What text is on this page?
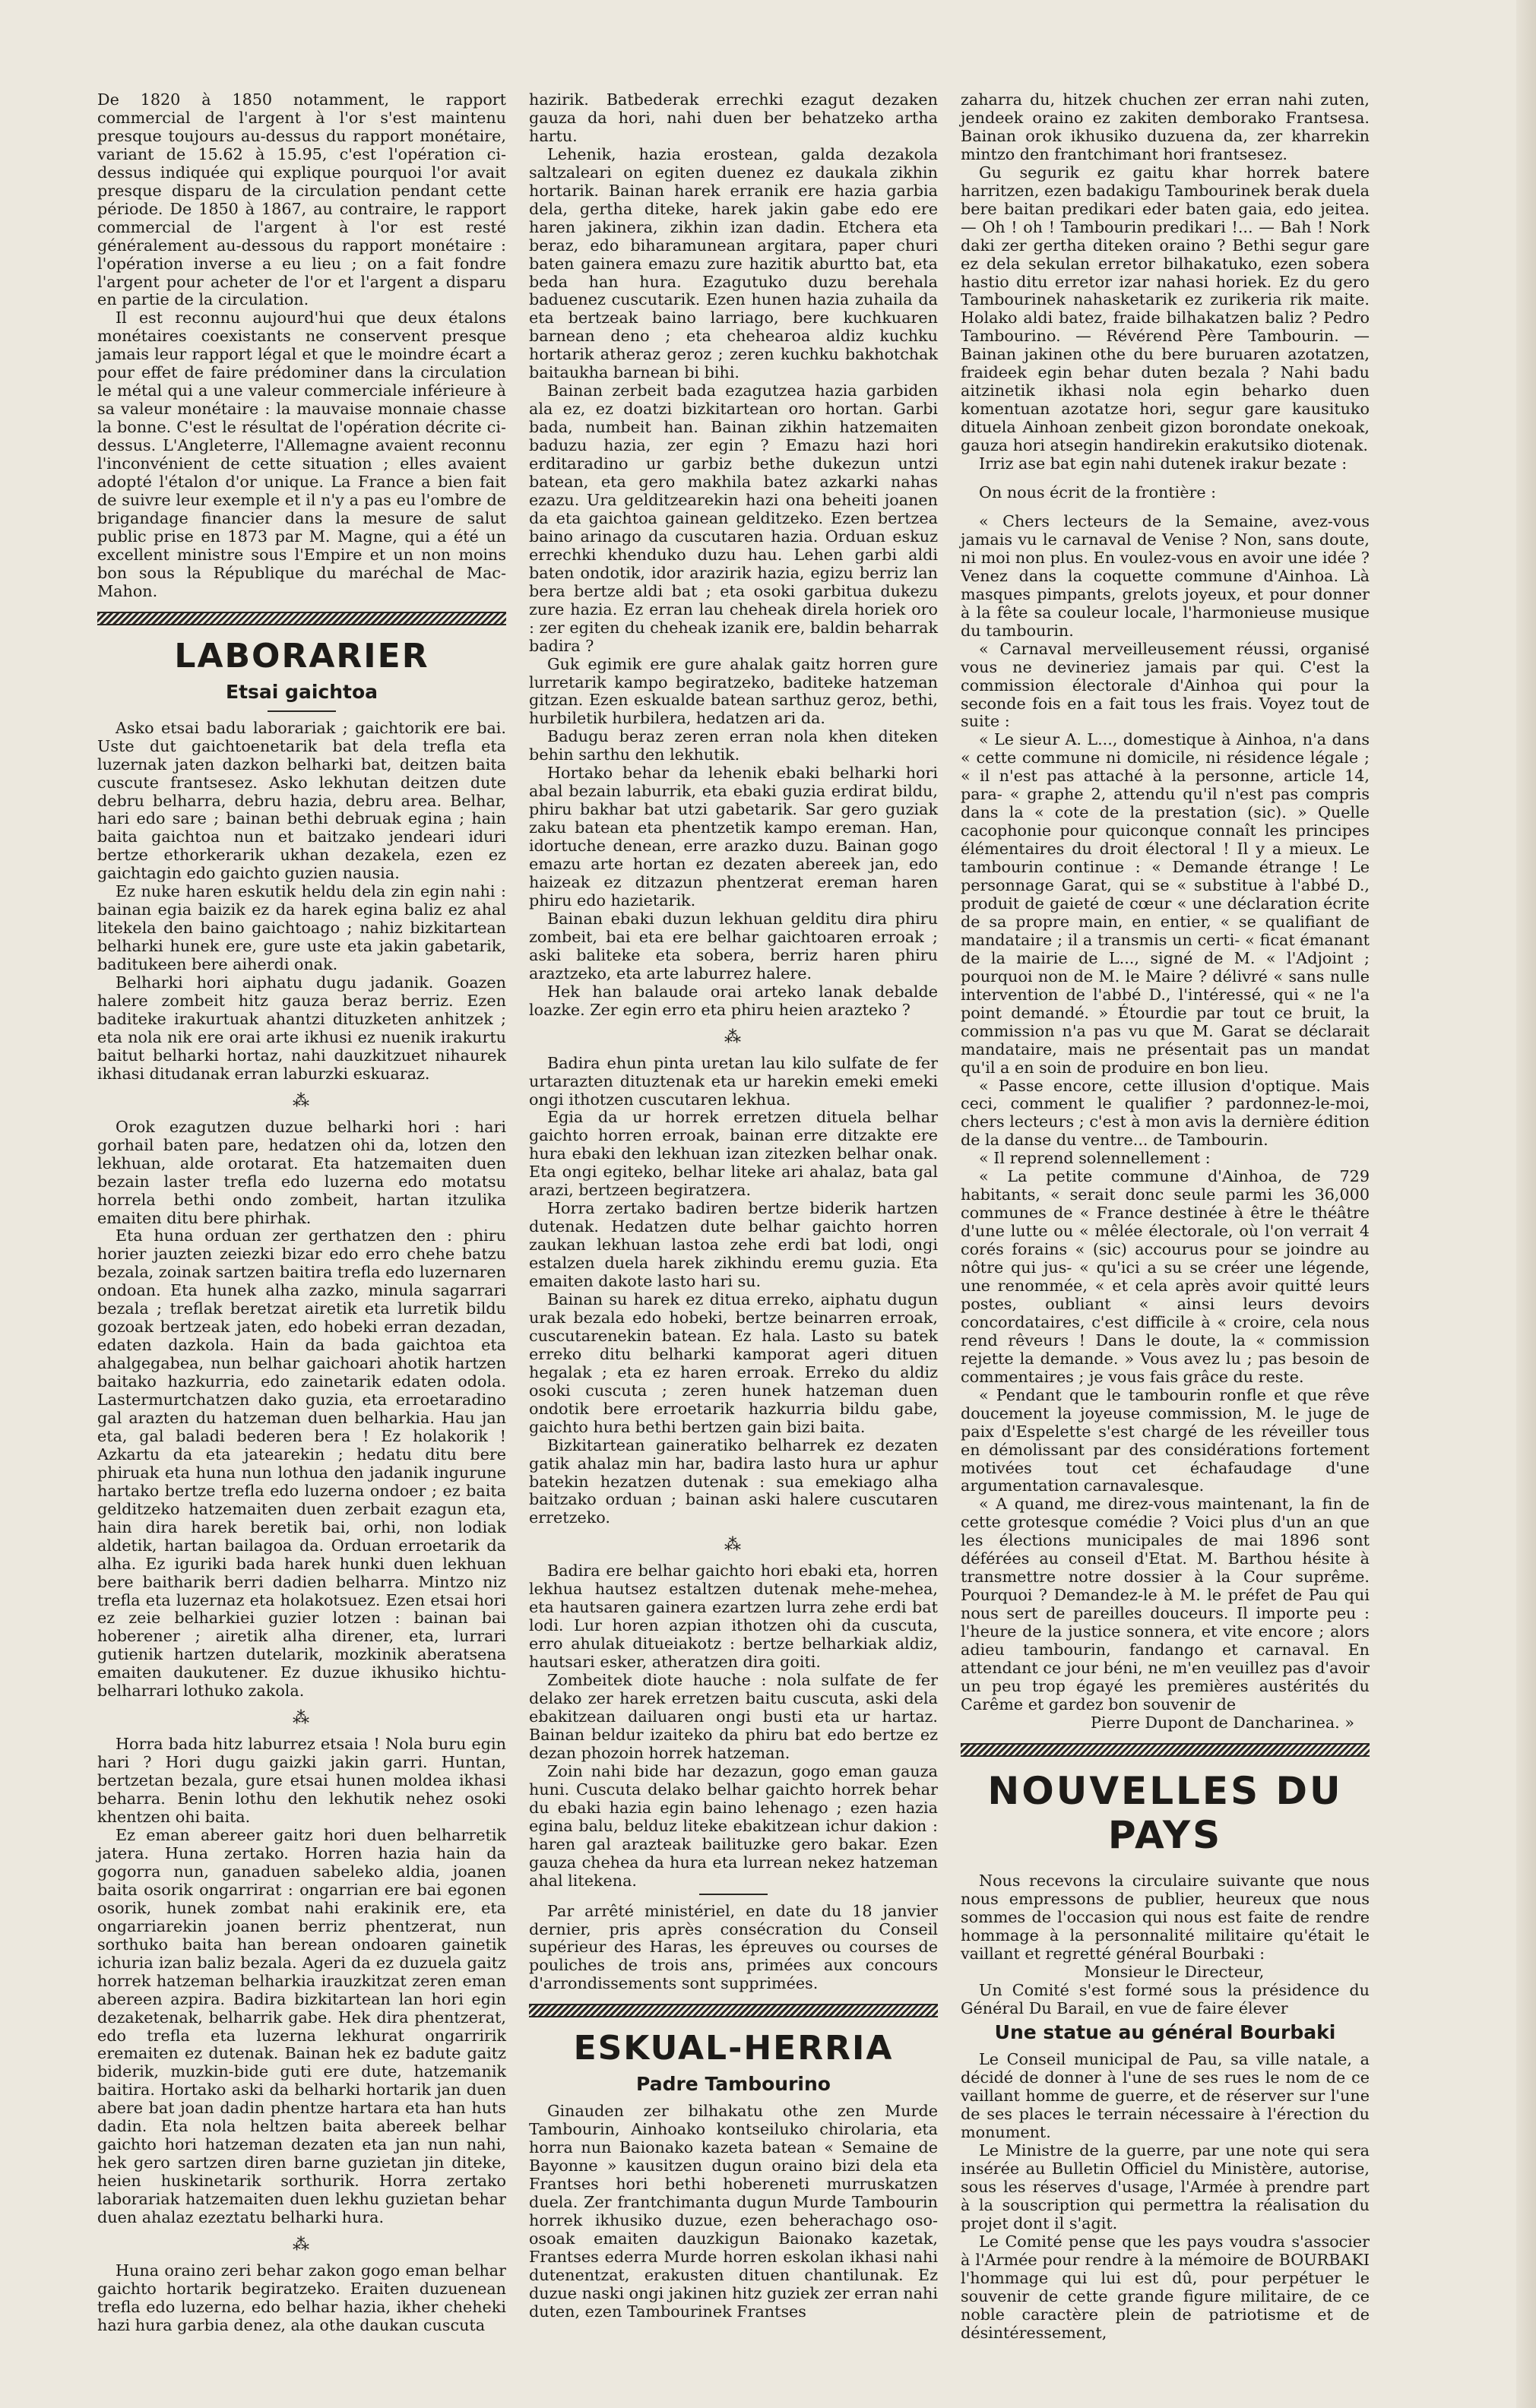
De 1820 à 1850 notamment, le rapport commercial de l'argent à l'or s'est maintenu presque toujours au-dessus du rapport monétaire, variant de 15.62 à 15.95, c'est l'opération ci-dessus indiquée qui explique pourquoi l'or avait presque disparu de la circulation pendant cette période. De 1850 à 1867, au contraire, le rapport commercial de l'argent à l'or est resté généralement au-dessous du rapport monétaire : l'opération inverse a eu lieu ; on a fait fondre l'argent pour acheter de l'or et l'argent a disparu en partie de la circulation.

Il est reconnu aujourd'hui que deux étalons monétaires coexistants ne conservent presque jamais leur rapport légal et que le moindre écart a pour effet de faire prédominer dans la circulation le métal qui a une valeur commerciale inférieure à sa valeur monétaire : la mauvaise monnaie chasse la bonne. C'est le résultat de l'opération décrite ci-dessus. L'Angleterre, l'Allemagne avaient reconnu l'inconvénient de cette situation ; elles avaient adopté l'étalon d'or unique. La France a bien fait de suivre leur exemple et il n'y a pas eu l'ombre de brigandage financier dans la mesure de salut public prise en 1873 par M. Magne, qui a été un excellent ministre sous l'Empire et un non moins bon sous la République du maréchal de Mac-Mahon.

LABORARIER
Etsai gaichtoa

Asko etsai badu laborariak ; gaichtorik ere bai. Uste dut gaichtoenetarik bat dela trefla eta luzernak jaten dazkon belharki bat, deitzen baita cuscute frantsesez. Asko lekhutan deitzen dute debru belharra, debru hazia, debru area. Belhar, hari edo sare ; bainan bethi debruak egina ; hain baita gaichtoa nun et baitzako jendeari iduri bertze ethorkerarik ukhan dezakela, ezen ez gaichtagin edo gaichto guzien nausia.

Ez nuke haren eskutik heldu dela zin egin nahi : bainan egia baizik ez da harek egina baliz ez ahal litekela den baino gaichtoago ; nahiz bizkitartean belharki hunek ere, gure uste eta jakin gabetarik, baditukeen bere aiherdi onak.

Belharki hori aiphatu dugu jadanik. Goazen halere zombeit hitz gauza beraz berriz. Ezen baditeke irakurtuak ahantzi dituzketen anhitzek ; eta nola nik ere orai arte ikhusi ez nuenik irakurtu baitut belharki hortaz, nahi dauzkitzuet nihaurek ikhasi ditudanak erran laburzki eskuaraz.

⁂

Orok ezagutzen duzue belharki hori : hari gorhail baten pare, hedatzen ohi da, lotzen den lekhuan, alde orotarat. Eta hatzemaiten duen bezain laster trefla edo luzerna edo motatsu horrela bethi ondo zombeit, hartan itzulika emaiten ditu bere phirhak.

Eta huna orduan zer gerthatzen den : phiru horier jauzten zeiezki bizar edo erro chehe batzu bezala, zoinak sartzen baitira trefla edo luzernaren ondoan. Eta hunek alha zazko, minula sagarrari bezala ; treflak beretzat airetik eta lurretik bildu gozoak bertzeak jaten, edo hobeki erran dezadan, edaten dazkola. Hain da bada gaichtoa eta ahalgegabea, nun belhar gaichoari ahotik hartzen baitako hazkurria, edo zainetarik edaten odola. Lastermurtchatzen dako guzia, eta erroetaradino gal arazten du hatzeman duen belharkia. Hau jan eta, gal baladi bederen bera ! Ez holakorik ! Azkartu da eta jatearekin ; hedatu ditu bere phiruak eta huna nun lothua den jadanik ingurune hartako bertze trefla edo luzerna ondoer ; ez baita gelditzeko hatzemaiten duen zerbait ezagun eta, hain dira harek beretik bai, orhi, non lodiak aldetik, hartan bailagoa da. Orduan erroetarik da alha. Ez iguriki bada harek hunki duen lekhuan bere baitharik berri dadien belharra. Mintzo niz trefla eta luzernaz eta holakotsuez. Ezen etsai hori ez zeie belharkiei guzier lotzen : bainan bai hoberener ; airetik alha direner, eta, lurrari gutienik hartzen dutelarik, mozkinik aberatsena emaiten daukutener. Ez duzue ikhusiko hichtu-belharrari lothuko zakola.

⁂

Horra bada hitz laburrez etsaia ! Nola buru egin hari ? Hori dugu gaizki jakin garri. Huntan, bertzetan bezala, gure etsai hunen moldea ikhasi beharra. Benin lothu den lekhutik nehez osoki khentzen ohi baita.

Ez eman abereer gaitz hori duen belharretik jatera. Huna zertako. Horren hazia hain da gogorra nun, ganaduen sabeleko aldia, joanen baita osorik ongarrirat : ongarrian ere bai egonen osorik, hunek zombat nahi erakinik ere, eta ongarriarekin joanen berriz phentzerat, nun sorthuko baita han berean ondoaren gainetik ichuria izan baliz bezala. Ageri da ez duzuela gaitz horrek hatzeman belharkia irauzkitzat zeren eman abereen azpira. Badira bizkitartean lan hori egin dezaketenak, belharrik gabe. Hek dira phentzerat, edo trefla eta luzerna lekhurat ongarririk eremaiten ez dutenak. Bainan hek ez badute gaitz biderik, muzkin-bide guti ere dute, hatzemanik baitira. Hortako aski da belharki hortarik jan duen abere bat joan dadin phentze hartara eta han huts dadin. Eta nola heltzen baita abereek belhar gaichto hori hatzeman dezaten eta jan nun nahi, hek gero sartzen diren barne guzietan jin diteke, heien huskinetarik sorthurik. Horra zertako laborariak hatzemaiten duen lekhu guzietan behar duen ahalaz ezeztatu belharki hura.

⁂

Huna oraino zeri behar zakon gogo eman belhar gaichto hortarik begiratzeko. Eraiten duzuenean trefla edo luzerna, edo belhar hazia, ikher cheheki hazi hura garbia denez, ala othe daukan cuscuta

hazirik. Batbederak errechki ezagut dezaken gauza da hori, nahi duen ber behatzeko artha hartu.

Lehenik, hazia erostean, galda dezakola saltzaleari on egiten duenez ez daukala zikhin hortarik. Bainan harek erranik ere hazia garbia dela, gertha diteke, harek jakin gabe edo ere haren jakinera, zikhin izan dadin. Etchera eta beraz, edo biharamunean argitara, paper churi baten gainera emazu zure hazitik aburtto bat, eta beda han hura. Ezagutuko duzu berehala baduenez cuscutarik. Ezen hunen hazia zuhaila da eta bertzeak baino larriago, bere kuchkuaren barnean deno ; eta chehearoa aldiz kuchku hortarik atheraz geroz ; zeren kuchku bakhotchak baitaukha barnean bi bihi.

Bainan zerbeit bada ezagutzea hazia garbiden ala ez, ez doatzi bizkitartean oro hortan. Garbi bada, numbeit han. Bainan zikhin hatzemaiten baduzu hazia, zer egin ? Emazu hazi hori erditaradino ur garbiz bethe dukezun untzi batean, eta gero makhila batez azkarki nahas ezazu. Ura gelditzearekin hazi ona beheiti joanen da eta gaichtoa gainean gelditzeko. Ezen bertzea baino arinago da cuscutaren hazia. Orduan eskuz errechki khenduko duzu hau. Lehen garbi aldi baten ondotik, idor arazirik hazia, egizu berriz lan bera bertze aldi bat ; eta osoki garbitua dukezu zure hazia. Ez erran lau cheheak direla horiek oro : zer egiten du cheheak izanik ere, baldin beharrak badira ?

Guk egimik ere gure ahalak gaitz horren gure lurretarik kampo begiratzeko, baditeke hatzeman gitzan. Ezen eskualde batean sarthuz geroz, bethi, hurbiletik hurbilera, hedatzen ari da.

Badugu beraz zeren erran nola khen diteken behin sarthu den lekhutik.

Hortako behar da lehenik ebaki belharki hori abal bezain laburrik, eta ebaki guzia erdirat bildu, phiru bakhar bat utzi gabetarik. Sar gero guziak zaku batean eta phentzetik kampo ereman. Han, idortuche denean, erre arazko duzu. Bainan gogo emazu arte hortan ez dezaten abereek jan, edo haizeak ez ditzazun phentzerat ereman haren phiru edo hazietarik.

Bainan ebaki duzun lekhuan gelditu dira phiru zombeit, bai eta ere belhar gaichtoaren erroak ; aski baliteke eta sobera, berriz haren phiru araztzeko, eta arte laburrez halere.

Hek han balaude orai arteko lanak debalde loazke. Zer egin erro eta phiru heien arazteko ?

⁂

Badira ehun pinta uretan lau kilo sulfate de fer urtarazten dituztenak eta ur harekin emeki emeki ongi ithotzen cuscutaren lekhua.

Egia da ur horrek erretzen dituela belhar gaichto horren erroak, bainan erre ditzakte ere hura ebaki den lekhuan izan zitezken belhar onak. Eta ongi egiteko, belhar liteke ari ahalaz, bata gal arazi, bertzeen begiratzera.

Horra zertako badiren bertze biderik hartzen dutenak. Hedatzen dute belhar gaichto horren zaukan lekhuan lastoa zehe erdi bat lodi, ongi estalzen duela harek zikhindu eremu guzia. Eta emaiten dakote lasto hari su.

Bainan su harek ez ditua erreko, aiphatu dugun urak bezala edo hobeki, bertze beinarren erroak, cuscutarenekin batean. Ez hala. Lasto su batek erreko ditu belharki kamporat ageri dituen hegalak ; eta ez haren erroak. Erreko du aldiz osoki cuscuta ; zeren hunek hatzeman duen ondotik bere erroetarik hazkurria bildu gabe, gaichto hura bethi bertzen gain bizi baita.

Bizkitartean gaineratiko belharrek ez dezaten gatik ahalaz min har, badira lasto hura ur aphur batekin hezatzen dutenak : sua emekiago alha baitzako orduan ; bainan aski halere cuscutaren erretzeko.

⁂

Badira ere belhar gaichto hori ebaki eta, horren lekhua hautsez estaltzen dutenak mehe-mehea, eta hautsaren gainera ezartzen lurra zehe erdi bat lodi. Lur horen azpian ithotzen ohi da cuscuta, erro ahulak ditueiakotz : bertze belharkiak aldiz, hautsari esker, atheratzen dira goiti.

Zombeitek diote hauche : nola sulfate de fer delako zer harek erretzen baitu cuscuta, aski dela ebakitzean dailuaren ongi busti eta ur hartaz. Bainan beldur izaiteko da phiru bat edo bertze ez dezan phozoin horrek hatzeman.

Zoin nahi bide har dezazun, gogo eman gauza huni. Cuscuta delako belhar gaichto horrek behar du ebaki hazia egin baino lehenago ; ezen hazia egina balu, belduz liteke ebakitzean ichur dakion : haren gal arazteak bailituzke gero bakar. Ezen gauza chehea da hura eta lurrean nekez hatzeman ahal litekena.

Par arrêté ministériel, en date du 18 janvier dernier, pris après consécration du Conseil supérieur des Haras, les épreuves ou courses de pouliches de trois ans, primées aux concours d'arrondissements sont supprimées.

ESKUAL-HERRIA
Padre Tambourino

Ginauden zer bilhakatu othe zen Murde Tambourin, Ainhoako kontseiluko chirolaria, eta horra nun Baionako kazeta batean « Semaine de Bayonne » kausitzen dugun oraino bizi dela eta Frantses hori bethi hobereneti murruskatzen duela. Zer frantchimanta dugun Murde Tambourin horrek ikhusiko duzue, ezen beherachago oso-osoak emaiten dauzkigun Baionako kazetak, Frantses ederra Murde horren eskolan ikhasi nahi dutenentzat, erakusten dituen chantilunak. Ez duzue naski ongi jakinen hitz guziek zer erran nahi duten, ezen Tambourinek Frantses

zaharra du, hitzek chuchen zer erran nahi zuten, jendeek oraino ez zakiten demborako Frantsesa. Bainan orok ikhusiko duzuena da, zer kharrekin mintzo den frantchimant hori frantsesez.

Gu segurik ez gaitu khar horrek batere harritzen, ezen badakigu Tambourinek berak duela bere baitan predikari eder baten gaia, edo jeitea. — Oh ! oh ! Tambourin predikari !... — Bah ! Nork daki zer gertha diteken oraino ? Bethi segur gare ez dela sekulan erretor bilhakatuko, ezen sobera hastio ditu erretor izar nahasi horiek. Ez du gero Tambourinek nahasketarik ez zurikeria rik maite. Holako aldi batez, fraide bilhakatzen baliz ? Pedro Tambourino. — Révérend Père Tambourin. — Bainan jakinen othe du bere buruaren azotatzen, fraideek egin behar duten bezala ? Nahi badu aitzinetik ikhasi nola egin beharko duen komentuan azotatze hori, segur gare kausituko dituela Ainhoan zenbeit gizon borondate onekoak, gauza hori atsegin handirekin erakutsiko diotenak.

Irriz ase bat egin nahi dutenek irakur bezate :

On nous écrit de la frontière :

« Chers lecteurs de la Semaine, avez-vous jamais vu le carnaval de Venise ? Non, sans doute, ni moi non plus. En voulez-vous en avoir une idée ? Venez dans la coquette commune d'Ainhoa. Là masques pimpants, grelots joyeux, et pour donner à la fête sa couleur locale, l'harmonieuse musique du tambourin.

« Carnaval merveilleusement réussi, organisé vous ne devineriez jamais par qui. C'est la commission électorale d'Ainhoa qui pour la seconde fois en a fait tous les frais. Voyez tout de suite :

« Le sieur A. L..., domestique à Ainhoa, n'a dans « cette commune ni domicile, ni résidence légale ; « il n'est pas attaché à la personne, article 14, para- « graphe 2, attendu qu'il n'est pas compris dans la « cote de la prestation (sic). » Quelle cacophonie pour quiconque connaît les principes élémentaires du droit électoral ! Il y a mieux. Le tambourin continue : « Demande étrange ! Le personnage Garat, qui se « substitue à l'abbé D., produit de gaieté de cœur « une déclaration écrite de sa propre main, en entier, « se qualifiant de mandataire ; il a transmis un certi- « ficat émanant de la mairie de L..., signé de M. « l'Adjoint ; pourquoi non de M. le Maire ? délivré « sans nulle intervention de l'abbé D., l'intéressé, qui « ne l'a point demandé. » Étourdie par tout ce bruit, la commission n'a pas vu que M. Garat se déclarait mandataire, mais ne présentait pas un mandat qu'il a en soin de produire en bon lieu.

« Passe encore, cette illusion d'optique. Mais ceci, comment le qualifier ? pardonnez-le-moi, chers lecteurs ; c'est à mon avis la dernière édition de la danse du ventre... de Tambourin.

« Il reprend solennellement :

« La petite commune d'Ainhoa, de 729 habitants, « serait donc seule parmi les 36,000 communes de « France destinée à être le théâtre d'une lutte ou « mêlée électorale, où l'on verrait 4 corés forains « (sic) accourus pour se joindre au nôtre qui jus- « qu'ici a su se créer une légende, une renommée, « et cela après avoir quitté leurs postes, oubliant « ainsi leurs devoirs concordataires, c'est difficile à « croire, cela nous rend rêveurs ! Dans le doute, la « commission rejette la demande. » Vous avez lu ; pas besoin de commentaires ; je vous fais grâce du reste.

« Pendant que le tambourin ronfle et que rêve doucement la joyeuse commission, M. le juge de paix d'Espelette s'est chargé de les réveiller tous en démolissant par des considérations fortement motivées tout cet échafaudage d'une argumentation carnavalesque.

« A quand, me direz-vous maintenant, la fin de cette grotesque comédie ? Voici plus d'un an que les élections municipales de mai 1896 sont déférées au conseil d'Etat. M. Barthou hésite à transmettre notre dossier à la Cour suprême. Pourquoi ? Demandez-le à M. le préfet de Pau qui nous sert de pareilles douceurs. Il importe peu : l'heure de la justice sonnera, et vite encore ; alors adieu tambourin, fandango et carnaval. En attendant ce jour béni, ne m'en veuillez pas d'avoir un peu trop égayé les premières austérités du Carême et gardez bon souvenir de

Pierre Dupont de Dancharinea. »

NOUVELLES DU PAYS

Nous recevons la circulaire suivante que nous nous empressons de publier, heureux que nous sommes de l'occasion qui nous est faite de rendre hommage à la personnalité militaire qu'était le vaillant et regretté général Bourbaki :

Monsieur le Directeur,

Un Comité s'est formé sous la présidence du Général Du Barail, en vue de faire élever

Une statue au général Bourbaki

Le Conseil municipal de Pau, sa ville natale, a décidé de donner à l'une de ses rues le nom de ce vaillant homme de guerre, et de réserver sur l'une de ses places le terrain nécessaire à l'érection du monument.

Le Ministre de la guerre, par une note qui sera insérée au Bulletin Officiel du Ministère, autorise, sous les réserves d'usage, l'Armée à prendre part à la souscription qui permettra la réalisation du projet dont il s'agit.

Le Comité pense que les pays voudra s'associer à l'Armée pour rendre à la mémoire de BOURBAKI l'hommage qui lui est dû, pour perpétuer le souvenir de cette grande figure militaire, de ce noble caractère plein de patriotisme et de désintéressement,
